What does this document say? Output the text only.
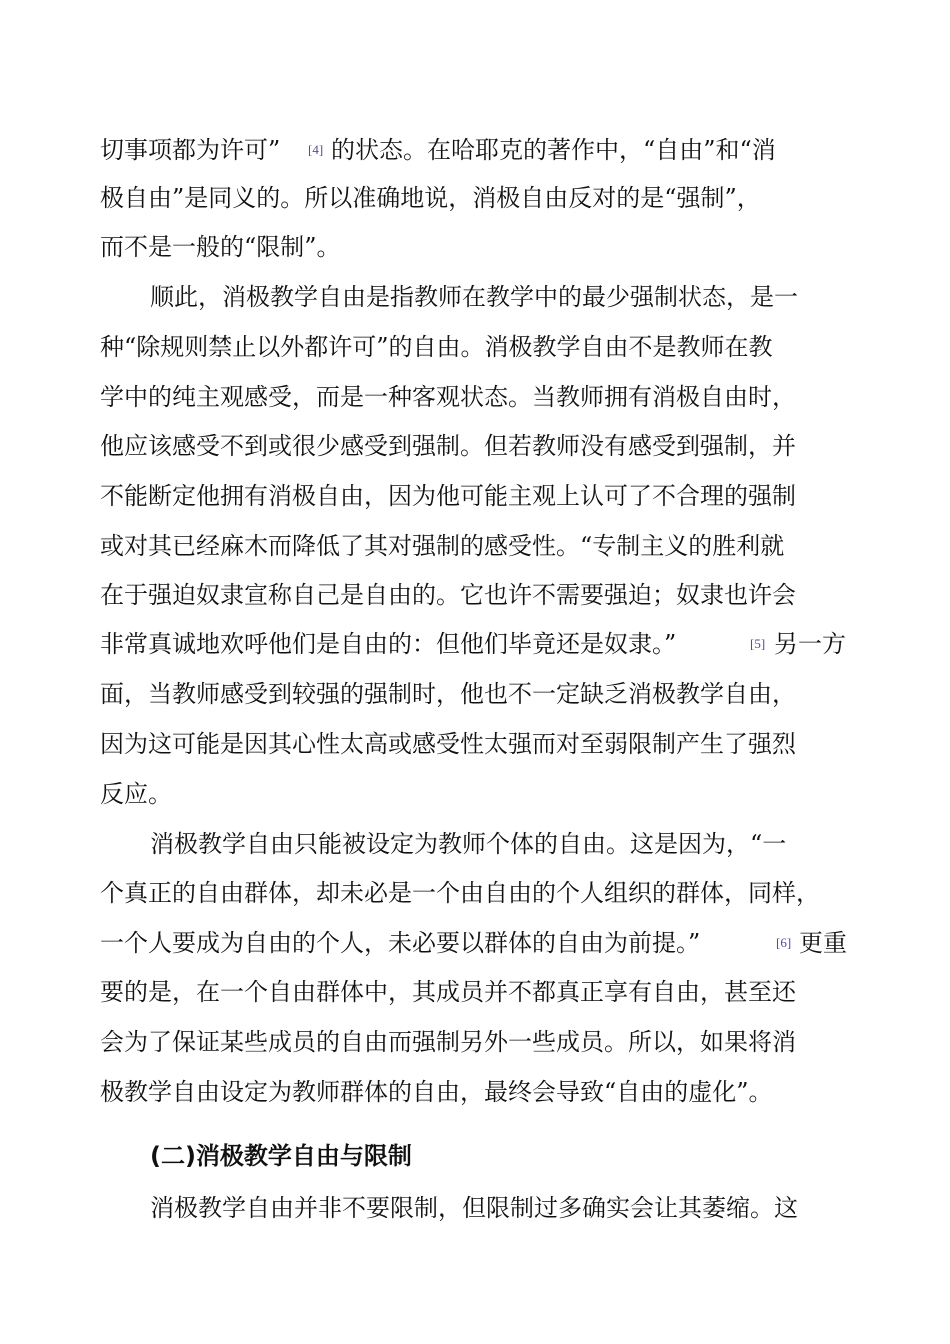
切事项都为许可” [4] 的状态。在哈耶克的著作中，“自由”和“消
极自由”是同义的。所以准确地说，消极自由反对的是“强制”，
而不是一般的“限制”。
顺此，消极教学自由是指教师在教学中的最少强制状态，是一
种“除规则禁止以外都许可”的自由。消极教学自由不是教师在教
学中的纯主观感受，而是一种客观状态。当教师拥有消极自由时，
他应该感受不到或很少感受到强制。但若教师没有感受到强制，并
不能断定他拥有消极自由，因为他可能主观上认可了不合理的强制
或对其已经麻木而降低了其对强制的感受性。“专制主义的胜利就
在于强迫奴隶宣称自己是自由的。它也许不需要强迫；奴隶也许会
非常真诚地欢呼他们是自由的：但他们毕竟还是奴隶。”	[5] 另一方
面，当教师感受到较强的强制时，他也不一定缺乏消极教学自由，
因为这可能是因其心性太高或感受性太强而对至弱限制产生了强烈
反应。
消极教学自由只能被设定为教师个体的自由。这是因为，“一
个真正的自由群体，却未必是一个由自由的个人组织的群体，同样，
一个人要成为自由的个人，未必要以群体的自由为前提。”	[6] 更重
要的是，在一个自由群体中，其成员并不都真正享有自由，甚至还
会为了保证某些成员的自由而强制另外一些成员。所以，如果将消
极教学自由设定为教师群体的自由，最终会导致“自由的虚化”。
(二)消极教学自由与限制
消极教学自由并非不要限制，但限制过多确实会让其萎缩。这
